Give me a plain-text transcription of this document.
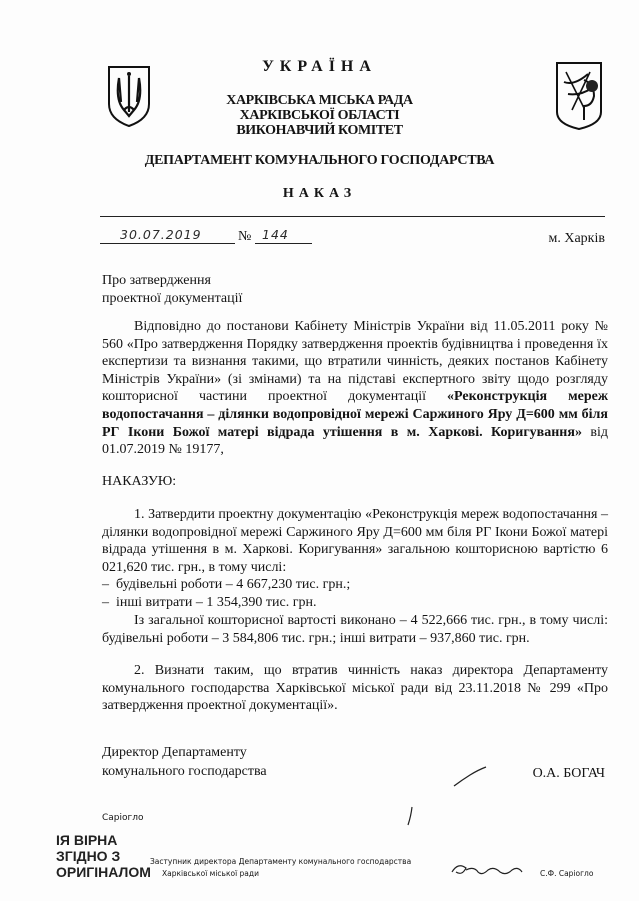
УКРАЇНА
ХАРКІВСЬКА МІСЬКА РАДА
ХАРКІВСЬКОЇ ОБЛАСТІ
ВИКОНАВЧИЙ КОМІТЕТ
ДЕПАРТАМЕНТ КОМУНАЛЬНОГО ГОСПОДАРСТВА
НАКАЗ
30.07.2019	№ 144	м. Харків
Про затвердження
проектної документації
Відповідно до постанови Кабінету Міністрів України від 11.05.2011 року № 560 «Про затвердження Порядку затвердження проектів будівництва і проведення їх експертизи та визнання такими, що втратили чинність, деяких постанов Кабінету Міністрів України» (зі змінами) та на підставі експертного звіту щодо розгляду кошторисної частини проектної документації «Реконструкція мереж водопостачання – ділянки водопровідної мережі Саржиного Яру Д=600 мм біля РГ Ікони Божої матері відрада утішення в м. Харкові. Коригування» від 01.07.2019 № 19177,
НАКАЗУЮ:
1. Затвердити проектну документацію «Реконструкція мереж водопостачання – ділянки водопровідної мережі Саржиного Яру Д=600 мм біля РГ Ікони Божої матері відрада утішення в м. Харкові. Коригування» загальною кошторисною вартістю 6 021,620 тис. грн., в тому числі:
–  будівельні роботи – 4 667,230 тис. грн.;
–  інші витрати – 1 354,390 тис. грн.
Із загальної кошторисної вартості виконано – 4 522,666 тис. грн., в тому числі: будівельні роботи – 3 584,806 тис. грн.; інші витрати – 937,860 тис. грн.
2. Визнати таким, що втратив чинність наказ директора Департаменту комунального господарства Харківської міської ради від 23.11.2018 № 299 «Про затвердження проектної документації».
Директор Департаменту
комунального господарства	О.А. БОГАЧ
Саріогло
ІЯ ВІРНА
ЗГІДНО З
ОРИГІНАЛОМ
Заступник директора Департаменту комунального господарства
Харківської міської ради	С.Ф. Саріогло
